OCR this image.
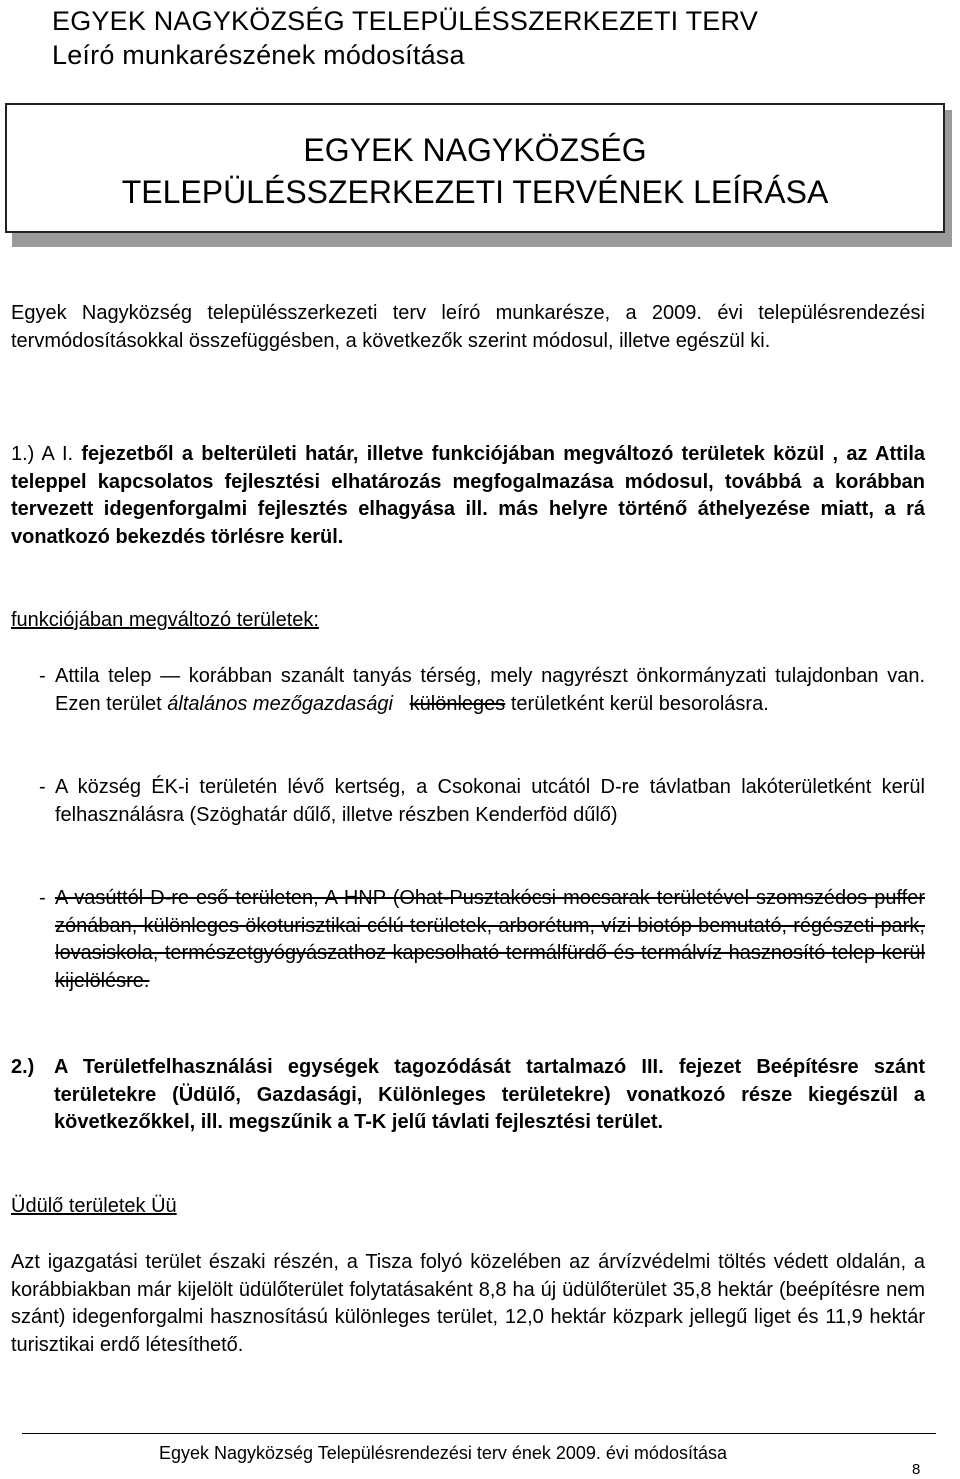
EGYEK NAGYKÖZSÉG TELEPÜLÉSSZERKEZETI TERV
Leíró munkarészének módosítása
EGYEK NAGYKÖZSÉG
TELEPÜLÉSSZERKEZETI TERVÉNEK LEÍRÁSA
Egyek Nagyközség településszerkezeti terv leíró munkarésze, a 2009. évi településrendezési tervmódosításokkal összefüggésben, a következők szerint módosul, illetve egészül ki.
1.) A I. fejezetből a belterületi határ, illetve funkciójában megváltozó területek közül , az Attila teleppel kapcsolatos fejlesztési elhatározás megfogalmazása módosul, továbbá a korábban tervezett idegenforgalmi fejlesztés elhagyása ill. más helyre történő áthelyezése miatt, a rá vonatkozó bekezdés törlésre kerül.
funkciójában megváltozó területek:
- Attila telep — korábban szanált tanyás térség, mely nagyrészt önkormányzati tulajdonban van. Ezen terület általános mezőgazdasági különleges területként kerül besorolásra.
- A község ÉK-i területén lévő kertség, a Csokonai utcától D-re távlatban lakóterületként kerül felhasználásra (Szöghatár dűlő, illetve részben Kenderföd dűlő)
- A vasúttól D-re eső területen, A HNP (Ohat-Pusztakócsi mocsarak területével szomszédos puffer zónában, különleges ökoturisztikai célú területek, arborétum, vízi biotóp bemutató, régészeti park, lovasiskola, természetgyógyászathoz kapcsolható termálfürdő és termálvíz hasznosító telep kerül kijelölésre.
2.) A Területfelhasználási egységek tagozódását tartalmazó III. fejezet Beépítésre szánt területekre (Üdülő, Gazdasági, Különleges területekre) vonatkozó része kiegészül a következőkkel, ill. megszűnik a T-K jelű távlati fejlesztési terület.
Üdülő területek Üü
Azt igazgatási terület északi részén, a Tisza folyó közelében az árvízvédelmi töltés védett oldalán, a korábbiakban már kijelölt üdülőterület folytatásaként 8,8 ha új üdülőterület 35,8 hektár (beépítésre nem szánt) idegenforgalmi hasznosítású különleges terület, 12,0 hektár közpark jellegű liget és 11,9 hektár turisztikai erdő létesíthető.
Egyek Nagyközség Településrendezési terv ének 2009. évi módosítása
8
